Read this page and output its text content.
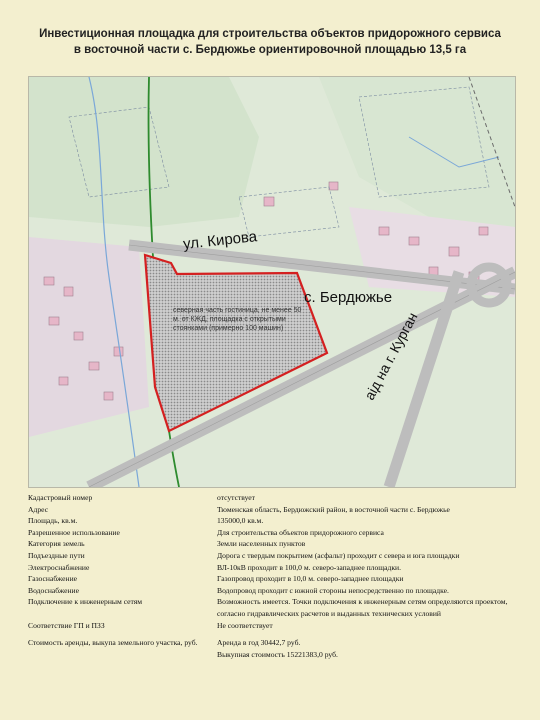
Инвестиционная площадка для строительства объектов придорожного сервиса
в восточной части с. Бердюжье ориентировочной площадью 13,5 га
ул. Кирова
с. Бердюжье
аід на г. Курган
северная часть гостиница, не менее 50 м. от КЖД, площадка с открытыми стоянками (примерно 100 машин)
Кадастровый номер	отсутствует
Адрес	Тюменская область, Бердюжский район, в восточной части с. Бердюжье
Площадь, кв.м.	135000,0 кв.м.
Разрешенное использование	Для строительства объектов придорожного сервиса
Категория земель	Земли населенных пунктов
Подъездные пути	Дорога с твердым покрытием (асфальт) проходит с севера и юга площадки
Электроснабжение	ВЛ-10кВ проходит в 100,0 м. северо-западнее площадки.
Газоснабжение	Газопровод проходит в 10,0 м. северо-западнее площадки
Водоснабжение	Водопровод проходит с южной стороны непосредственно по площадке.
Подключение к инженерным сетям	Возможность имеется. Точки подключения к инженерным сетям определяются проектом, согласно гидравлических расчетов и выданных технических условий
Соответствие ГП и ПЗЗ	Не соответствует
Стоимость аренды, выкупа земельного участка, руб.	Аренда в год 30442,7 руб.
Выкупная стоимость 15221383,0 руб.
